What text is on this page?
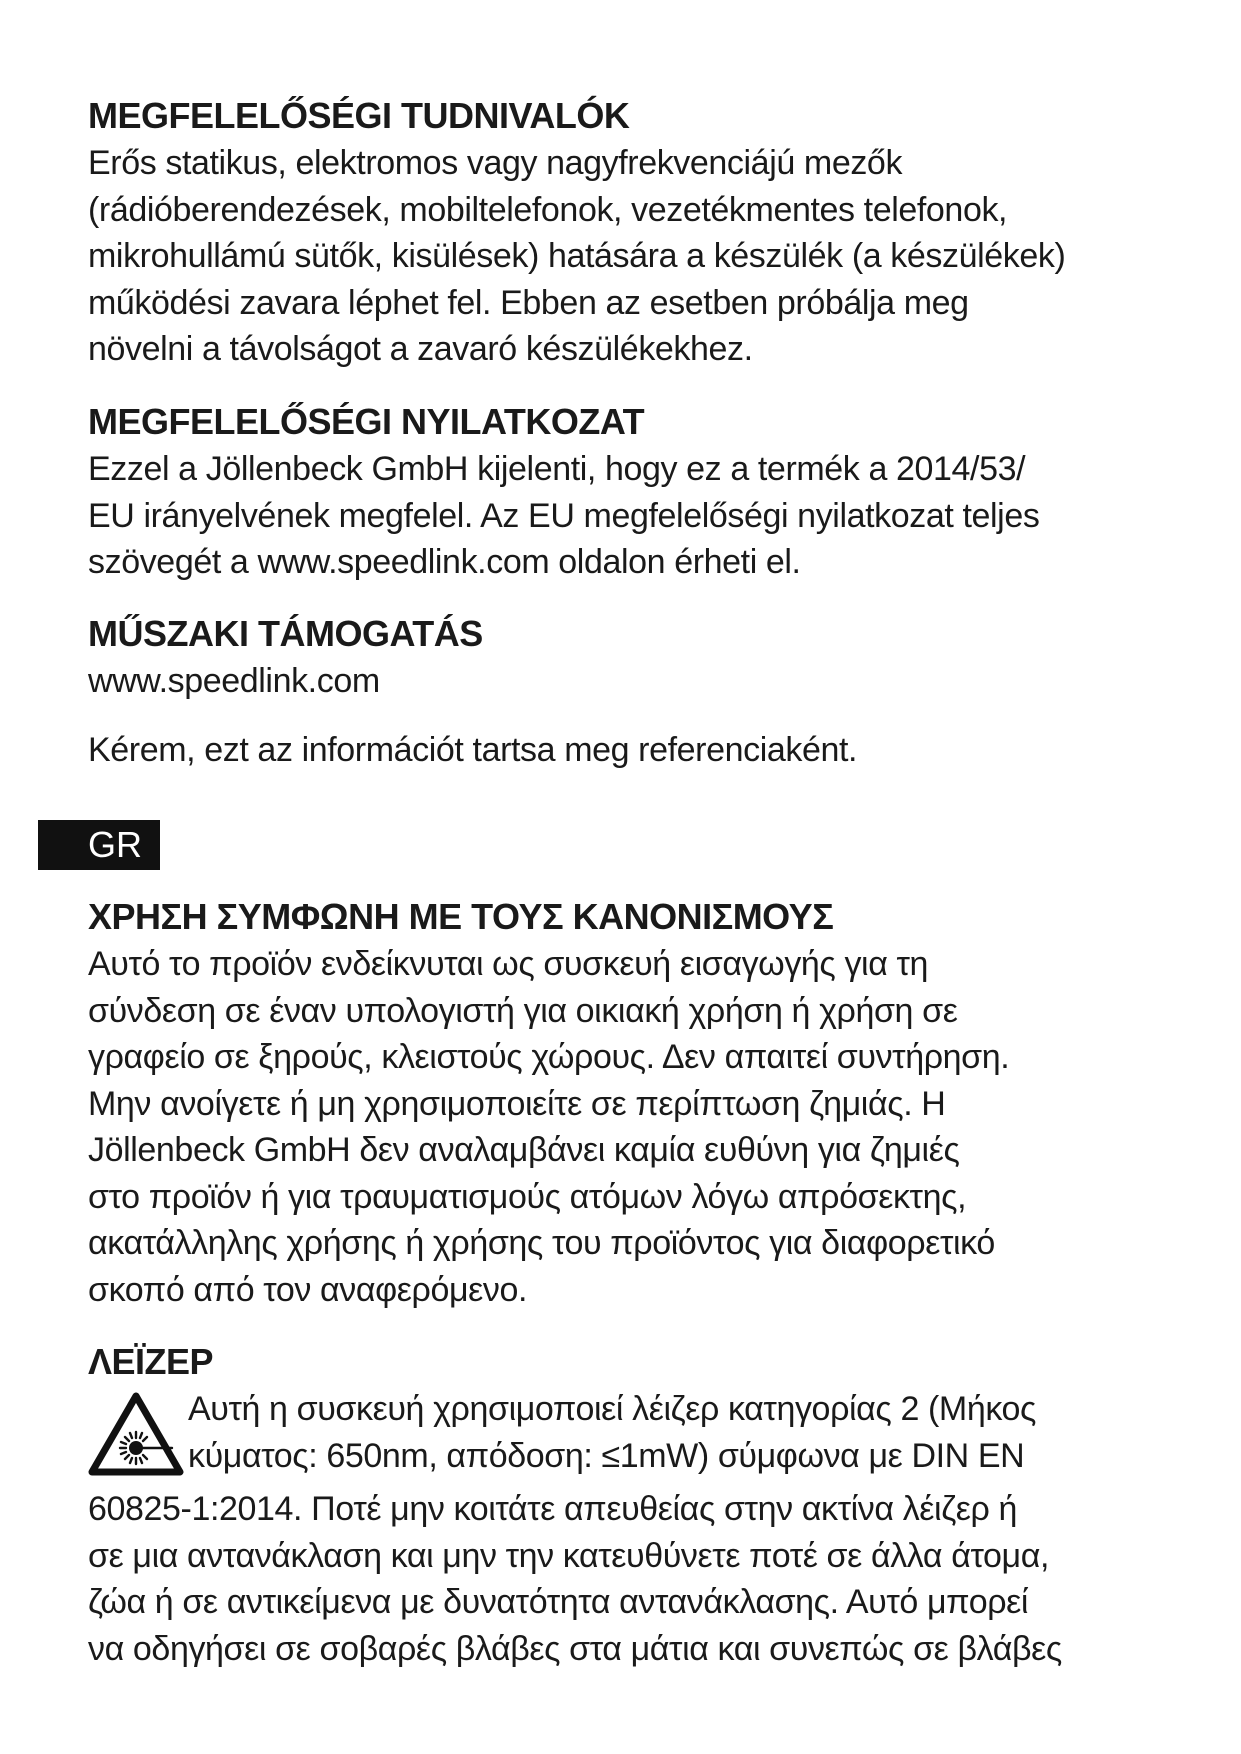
MEGFELELŐSÉGI TUDNIVALÓK

Erős statikus, elektromos vagy nagyfrekvenciájú mezők
(rádióberendezések, mobiltelefonok, vezetékmentes telefonok,
mikrohullámú sütők, kisülések) hatására a készülék (a készülékek)
működési zavara léphet fel. Ebben az esetben próbálja meg
növelni a távolságot a zavaró készülékekhez.

MEGFELELŐSÉGI NYILATKOZAT

Ezzel a Jöllenbeck GmbH kijelenti, hogy ez a termék a 2014/53/
EU irányelvének megfelel. Az EU megfelelőségi nyilatkozat teljes
szövegét a www.speedlink.com oldalon érheti el.

MŰSZAKI TÁMOGATÁS

www.speedlink.com

Kérem, ezt az információt tartsa meg referenciaként.

GR
ΧΡΗΣΗ ΣΥΜΦΩΝΗ ΜΕ ΤΟΥΣ ΚΑΝΟΝΙΣΜΟΥΣ

Αυτό το προϊόν ενδείκνυται ως συσκευή εισαγωγής για τη
σύνδεση σε έναν υπολογιστή για οικιακή χρήση ή χρήση σε
γραφείο σε ξηρούς, κλειστούς χώρους. Δεν απαιτεί συντήρηση.
Μην ανοίγετε ή μη χρησιμοποιείτε σε περίπτωση ζημιάς. Η
Jöllenbeck GmbH δεν αναλαμβάνει καμία ευθύνη για ζημιές
στο προϊόν ή για τραυματισμούς ατόμων λόγω απρόσεκτης,
ακατάλληλης χρήσης ή χρήσης του προϊόντος για διαφορετικό
σκοπό από τον αναφερόμενο.

ΛΕΪΖΕΡ
Αυτή η συσκευή χρησιμοποιεί λέιζερ κατηγορίας 2 (Μήκος
κύματος: 650nm, απόδοση: ≤1mW) σύμφωνα με DIN EN

60825-1:2014. Ποτέ μην κοιτάτε απευθείας στην ακτίνα λέιζερ ή
σε μια αντανάκλαση και μην την κατευθύνετε ποτέ σε άλλα άτομα,
ζώα ή σε αντικείμενα με δυνατότητα αντανάκλασης. Αυτό μπορεί
να οδηγήσει σε σοβαρές βλάβες στα μάτια και συνεπώς σε βλάβες
